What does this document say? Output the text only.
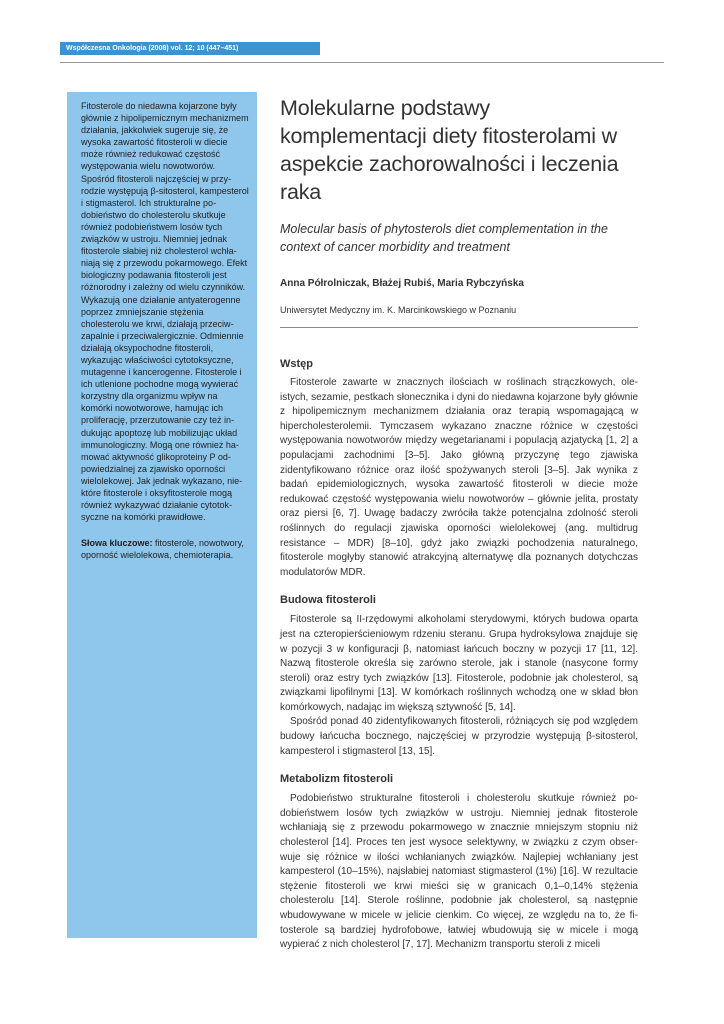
Współczesna Onkologia (2008) vol. 12; 10 (447–451)

Fitosterole do niedawna kojarzone były głównie z hipolipemicznym mechanizmem działania, jakkolwiek sugeruje się, że wysoka zawartość fitosteroli w diecie może również redukować częstość występowania wielu nowotworów. Spośród fitosteroli najczęściej w przyrodzie występują β-sitosterol, kampesterol i stigmasterol. Ich strukturalne podobieństwo do cholesterolu skutkuje również podobieństwem losów tych związków w ustroju. Niemniej jednak fitosterole słabiej niż cholesterol wchłaniają się z przewodu pokarmowego. Efekt biologiczny podawania fitosteroli jest różnorodny i zależny od wielu czynników. Wykazują one działanie antyaterogenne poprzez zmniejszanie stężenia cholesterolu we krwi, działają przeciwzapalnie i przeciwalergicznie. Odmiennie działają oksypochodne fitosteroli, wykazując właściwości cytotoksyczne, mutagenne i kancerogenne. Fitosterole i ich utlenione pochodne mogą wywierać korzystny dla organizmu wpływ na komórki nowotworowe, hamując ich proliferację, przerzutowanie czy też indukując apoptozę lub mobilizując układ immunologiczny. Mogą one również hamować aktywność glikoproteiny P odpowiedzialnej za zjawisko oporności wielolekowej. Jak jednak wykazano, niektóre fitosterole i oksyfitosterole mogą również wykazywać działanie cytotoksyczne na komórki prawidłowe.

Słowa kluczowe: fitosterole, nowotwory, oporność wielolekowa, chemioterapia.

Molekularne podstawy komplementacji diety fitosterolami w aspekcie zachorowalności i leczenia raka

Molecular basis of phytosterols diet complementation in the context of cancer morbidity and treatment

Anna Półrolniczak, Błażej Rubiś, Maria Rybczyńska
Uniwersytet Medyczny im. K. Marcinkowskiego w Poznaniu
Wstęp

Fitosterole zawarte w znacznych ilościach w roślinach strączkowych, oleistych, sezamie, pestkach słonecznika i dyni do niedawna kojarzone były głównie z hipolipemicznym mechanizmem działania oraz terapią wspomagającą w hipercholesterolemii. Tymczasem wykazano znaczne różnice w częstości występowania nowotworów między wegetarianami i populacją azjatycką [1, 2] a populacjami zachodnimi [3–5]. Jako główną przyczynę tego zjawiska zidentyfikowano różnice oraz ilość spożywanych steroli [3–5]. Jak wynika z badań epidemiologicznych, wysoka zawartość fitosteroli w diecie może redukować częstość występowania wielu nowotworów – głównie jelita, prostaty oraz piersi [6, 7]. Uwagę badaczy zwróciła także potencjalna zdolność steroli roślinnych do regulacji zjawiska oporności wielolekowej (ang. multidrug resistance – MDR) [8–10], gdyż jako związki pochodzenia naturalnego, fitosterole mogłyby stanowić atrakcyjną alternatywę dla poznanych dotychczas modulatorów MDR.

Budowa fitosteroli

Fitosterole są II-rzędowymi alkoholami sterydowymi, których budowa oparta jest na czteropierścieniowym rdzeniu steranu. Grupa hydroksylowa znajduje się w pozycji 3 w konfiguracji β, natomiast łańcuch boczny w pozycji 17 [11, 12]. Nazwą fitosterole określa się zarówno sterole, jak i stanole (nasycone formy steroli) oraz estry tych związków [13]. Fitosterole, podobnie jak cholesterol, są związkami lipofilnymi [13]. W komórkach roślinnych wchodzą one w skład błon komórkowych, nadając im większą sztywność [5, 14].

Spośród ponad 40 zidentyfikowanych fitosteroli, różniących się pod względem budowy łańcucha bocznego, najczęściej w przyrodzie występują β-sitosterol, kampesterol i stigmasterol [13, 15].

Metabolizm fitosteroli

Podobieństwo strukturalne fitosteroli i cholesterolu skutkuje również podobieństwem losów tych związków w ustroju. Niemniej jednak fitosterole wchłaniają się z przewodu pokarmowego w znacznie mniejszym stopniu niż cholesterol [14]. Proces ten jest wysoce selektywny, w związku z czym obserwuje się różnice w ilości wchłanianych związków. Najlepiej wchłaniany jest kampesterol (10–15%), najsłabiej natomiast stigmasterol (1%) [16]. W rezultacie stężenie fitosteroli we krwi mieści się w granicach 0,1–0,14% stężenia cholesterolu [14]. Sterole roślinne, podobnie jak cholesterol, są następnie wbudowywane w micele w jelicie cienkim. Co więcej, ze względu na to, że fitosterole są bardziej hydrofobowe, łatwiej wbudowują się w micele i mogą wypierać z nich cholesterol [7, 17]. Mechanizm transportu steroli z miceli
